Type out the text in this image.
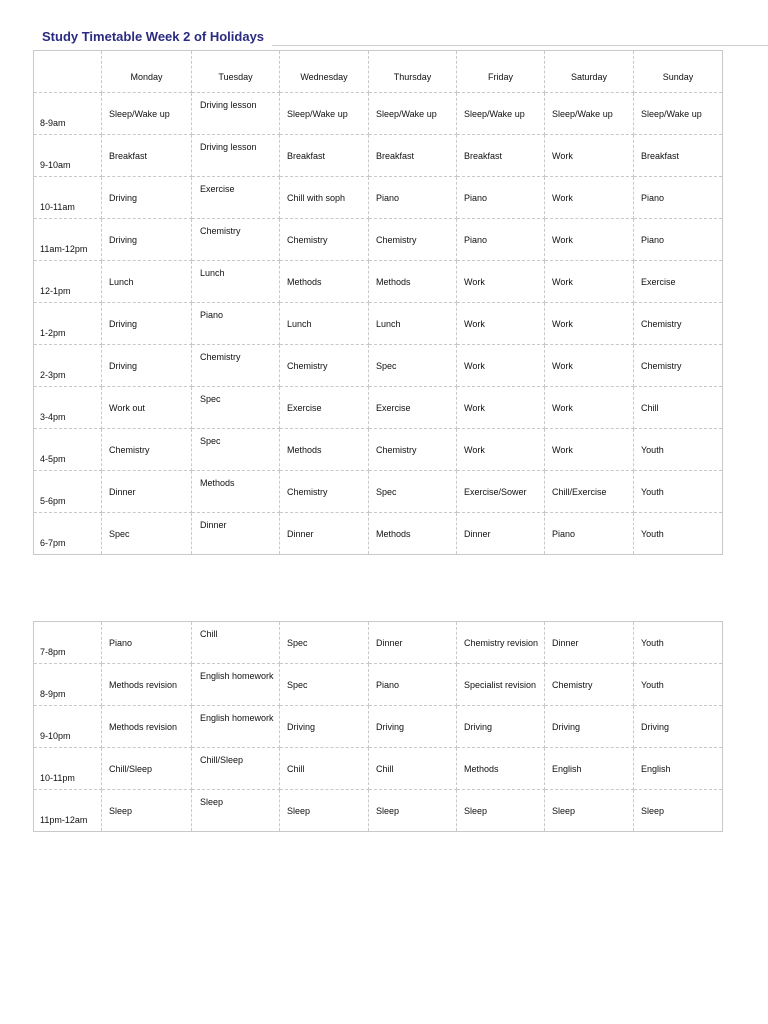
Study Timetable Week 2 of Holidays

	Monday	Tuesday	Wednesday	Thursday	Friday	Saturday	Sunday

8-9am	Sleep/Wake up	Driving lesson	Sleep/Wake up	Sleep/Wake up	Sleep/Wake up	Sleep/Wake up	Sleep/Wake up

9-10am	Breakfast	Driving lesson	Breakfast	Breakfast	Breakfast	Work	Breakfast

10-11am	Driving	Exercise	Chill with soph	Piano	Piano	Work	Piano

11am-12pm	Driving	Chemistry	Chemistry	Chemistry	Piano	Work	Piano

12-1pm	Lunch	Lunch	Methods	Methods	Work	Work	Exercise

1-2pm	Driving	Piano	Lunch	Lunch	Work	Work	Chemistry

2-3pm	Driving	Chemistry	Chemistry	Spec	Work	Work	Chemistry

3-4pm	Work out	Spec	Exercise	Exercise	Work	Work	Chill

4-5pm	Chemistry	Spec	Methods	Chemistry	Work	Work	Youth

5-6pm	Dinner	Methods	Chemistry	Spec	Exercise/Sower	Chill/Exercise	Youth

6-7pm	Spec	Dinner	Dinner	Methods	Dinner	Piano	Youth
7-8pm	Piano	Chill	Spec	Dinner	Chemistry revision	Dinner	Youth

8-9pm	Methods revision	English homework	Spec	Piano	Specialist revision	Chemistry	Youth

9-10pm	Methods revision	English homework	Driving	Driving	Driving	Driving	Driving

10-11pm	Chill/Sleep	Chill/Sleep	Chill	Chill	Methods	English	English

11pm-12am	Sleep	Sleep	Sleep	Sleep	Sleep	Sleep	Sleep
